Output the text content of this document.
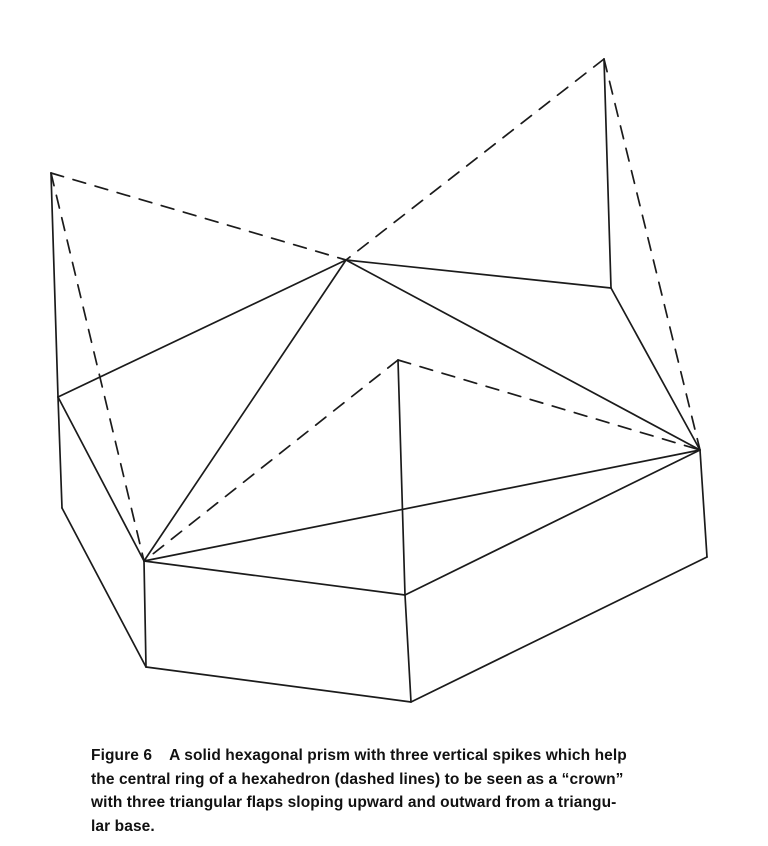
Figure 6 A solid hexagonal prism with three vertical spikes which help
the central ring of a hexahedron (dashed lines) to be seen as a “crown”
with three triangular flaps sloping upward and outward from a triangu-
lar base.
